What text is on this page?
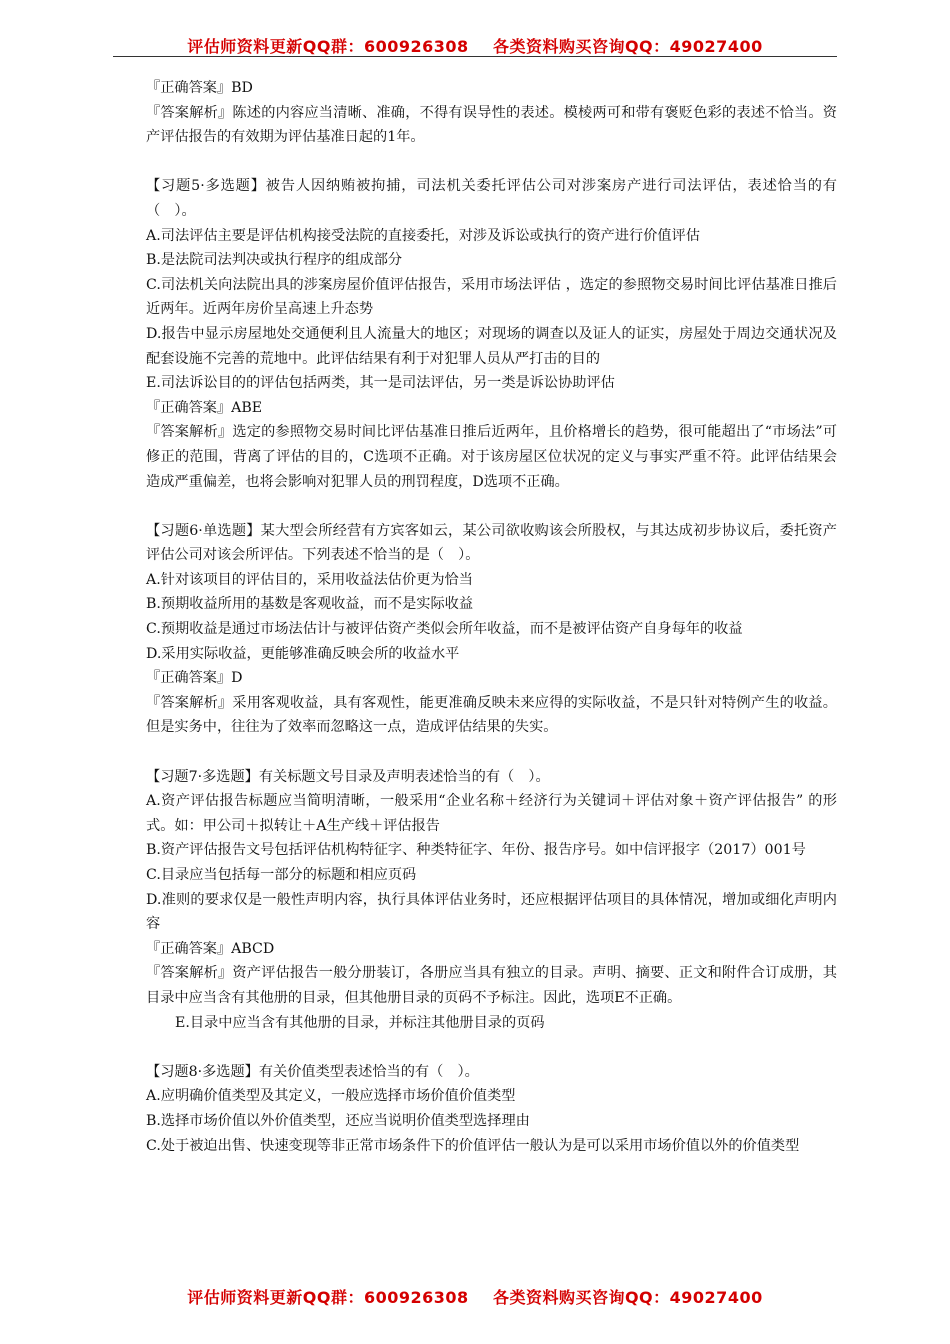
评估师资料更新QQ群：600926308    各类资料购买咨询QQ：49027400

『正确答案』BD

『答案解析』陈述的内容应当清晰、准确，不得有误导性的表述。模棱两可和带有褒贬色彩的表述不恰当。资产评估报告的有效期为评估基准日起的1年。

【习题5·多选题】被告人因纳贿被拘捕，司法机关委托评估公司对涉案房产进行司法评估，表述恰当的有（　）。

A.司法评估主要是评估机构接受法院的直接委托，对涉及诉讼或执行的资产进行价值评估

B.是法院司法判决或执行程序的组成部分

C.司法机关向法院出具的涉案房屋价值评估报告，采用市场法评估 ，选定的参照物交易时间比评估基准日推后近两年。近两年房价呈高速上升态势

D.报告中显示房屋地处交通便利且人流量大的地区；对现场的调查以及证人的证实，房屋处于周边交通状况及配套设施不完善的荒地中。此评估结果有利于对犯罪人员从严打击的目的

E.司法诉讼目的的评估包括两类，其一是司法评估，另一类是诉讼协助评估

『正确答案』ABE

『答案解析』选定的参照物交易时间比评估基准日推后近两年，且价格增长的趋势，很可能超出了“市场法”可修正的范围，背离了评估的目的，C选项不正确。对于该房屋区位状况的定义与事实严重不符。此评估结果会造成严重偏差，也将会影响对犯罪人员的刑罚程度，D选项不正确。

【习题6·单选题】某大型会所经营有方宾客如云，某公司欲收购该会所股权，与其达成初步协议后，委托资产评估公司对该会所评估。下列表述不恰当的是（　）。

A.针对该项目的评估目的，采用收益法估价更为恰当

B.预期收益所用的基数是客观收益，而不是实际收益

C.预期收益是通过市场法估计与被评估资产类似会所年收益，而不是被评估资产自身每年的收益

D.采用实际收益，更能够准确反映会所的收益水平

『正确答案』D

『答案解析』采用客观收益，具有客观性，能更准确反映未来应得的实际收益，不是只针对特例产生的收益。但是实务中，往往为了效率而忽略这一点，造成评估结果的失实。

【习题7·多选题】有关标题文号目录及声明表述恰当的有（　）。

A.资产评估报告标题应当简明清晰，一般采用“企业名称＋经济行为关键词＋评估对象＋资产评估报告” 的形式。如：甲公司＋拟转让＋A生产线＋评估报告

B.资产评估报告文号包括评估机构特征字、种类特征字、年份、报告序号。如中信评报字（2017）001号

C.目录应当包括每一部分的标题和相应页码

D.准则的要求仅是一般性声明内容，执行具体评估业务时，还应根据评估项目的具体情况，增加或细化声明内容

『正确答案』ABCD

『答案解析』资产评估报告一般分册装订，各册应当具有独立的目录。声明、摘要、正文和附件合订成册，其目录中应当含有其他册的目录，但其他册目录的页码不予标注。因此，选项E不正确。

E.目录中应当含有其他册的目录，并标注其他册目录的页码

【习题8·多选题】有关价值类型表述恰当的有（　）。

A.应明确价值类型及其定义，一般应选择市场价值价值类型

B.选择市场价值以外价值类型，还应当说明价值类型选择理由

C.处于被迫出售、快速变现等非正常市场条件下的价值评估一般认为是可以采用市场价值以外的价值类型

评估师资料更新QQ群：600926308    各类资料购买咨询QQ：49027400
